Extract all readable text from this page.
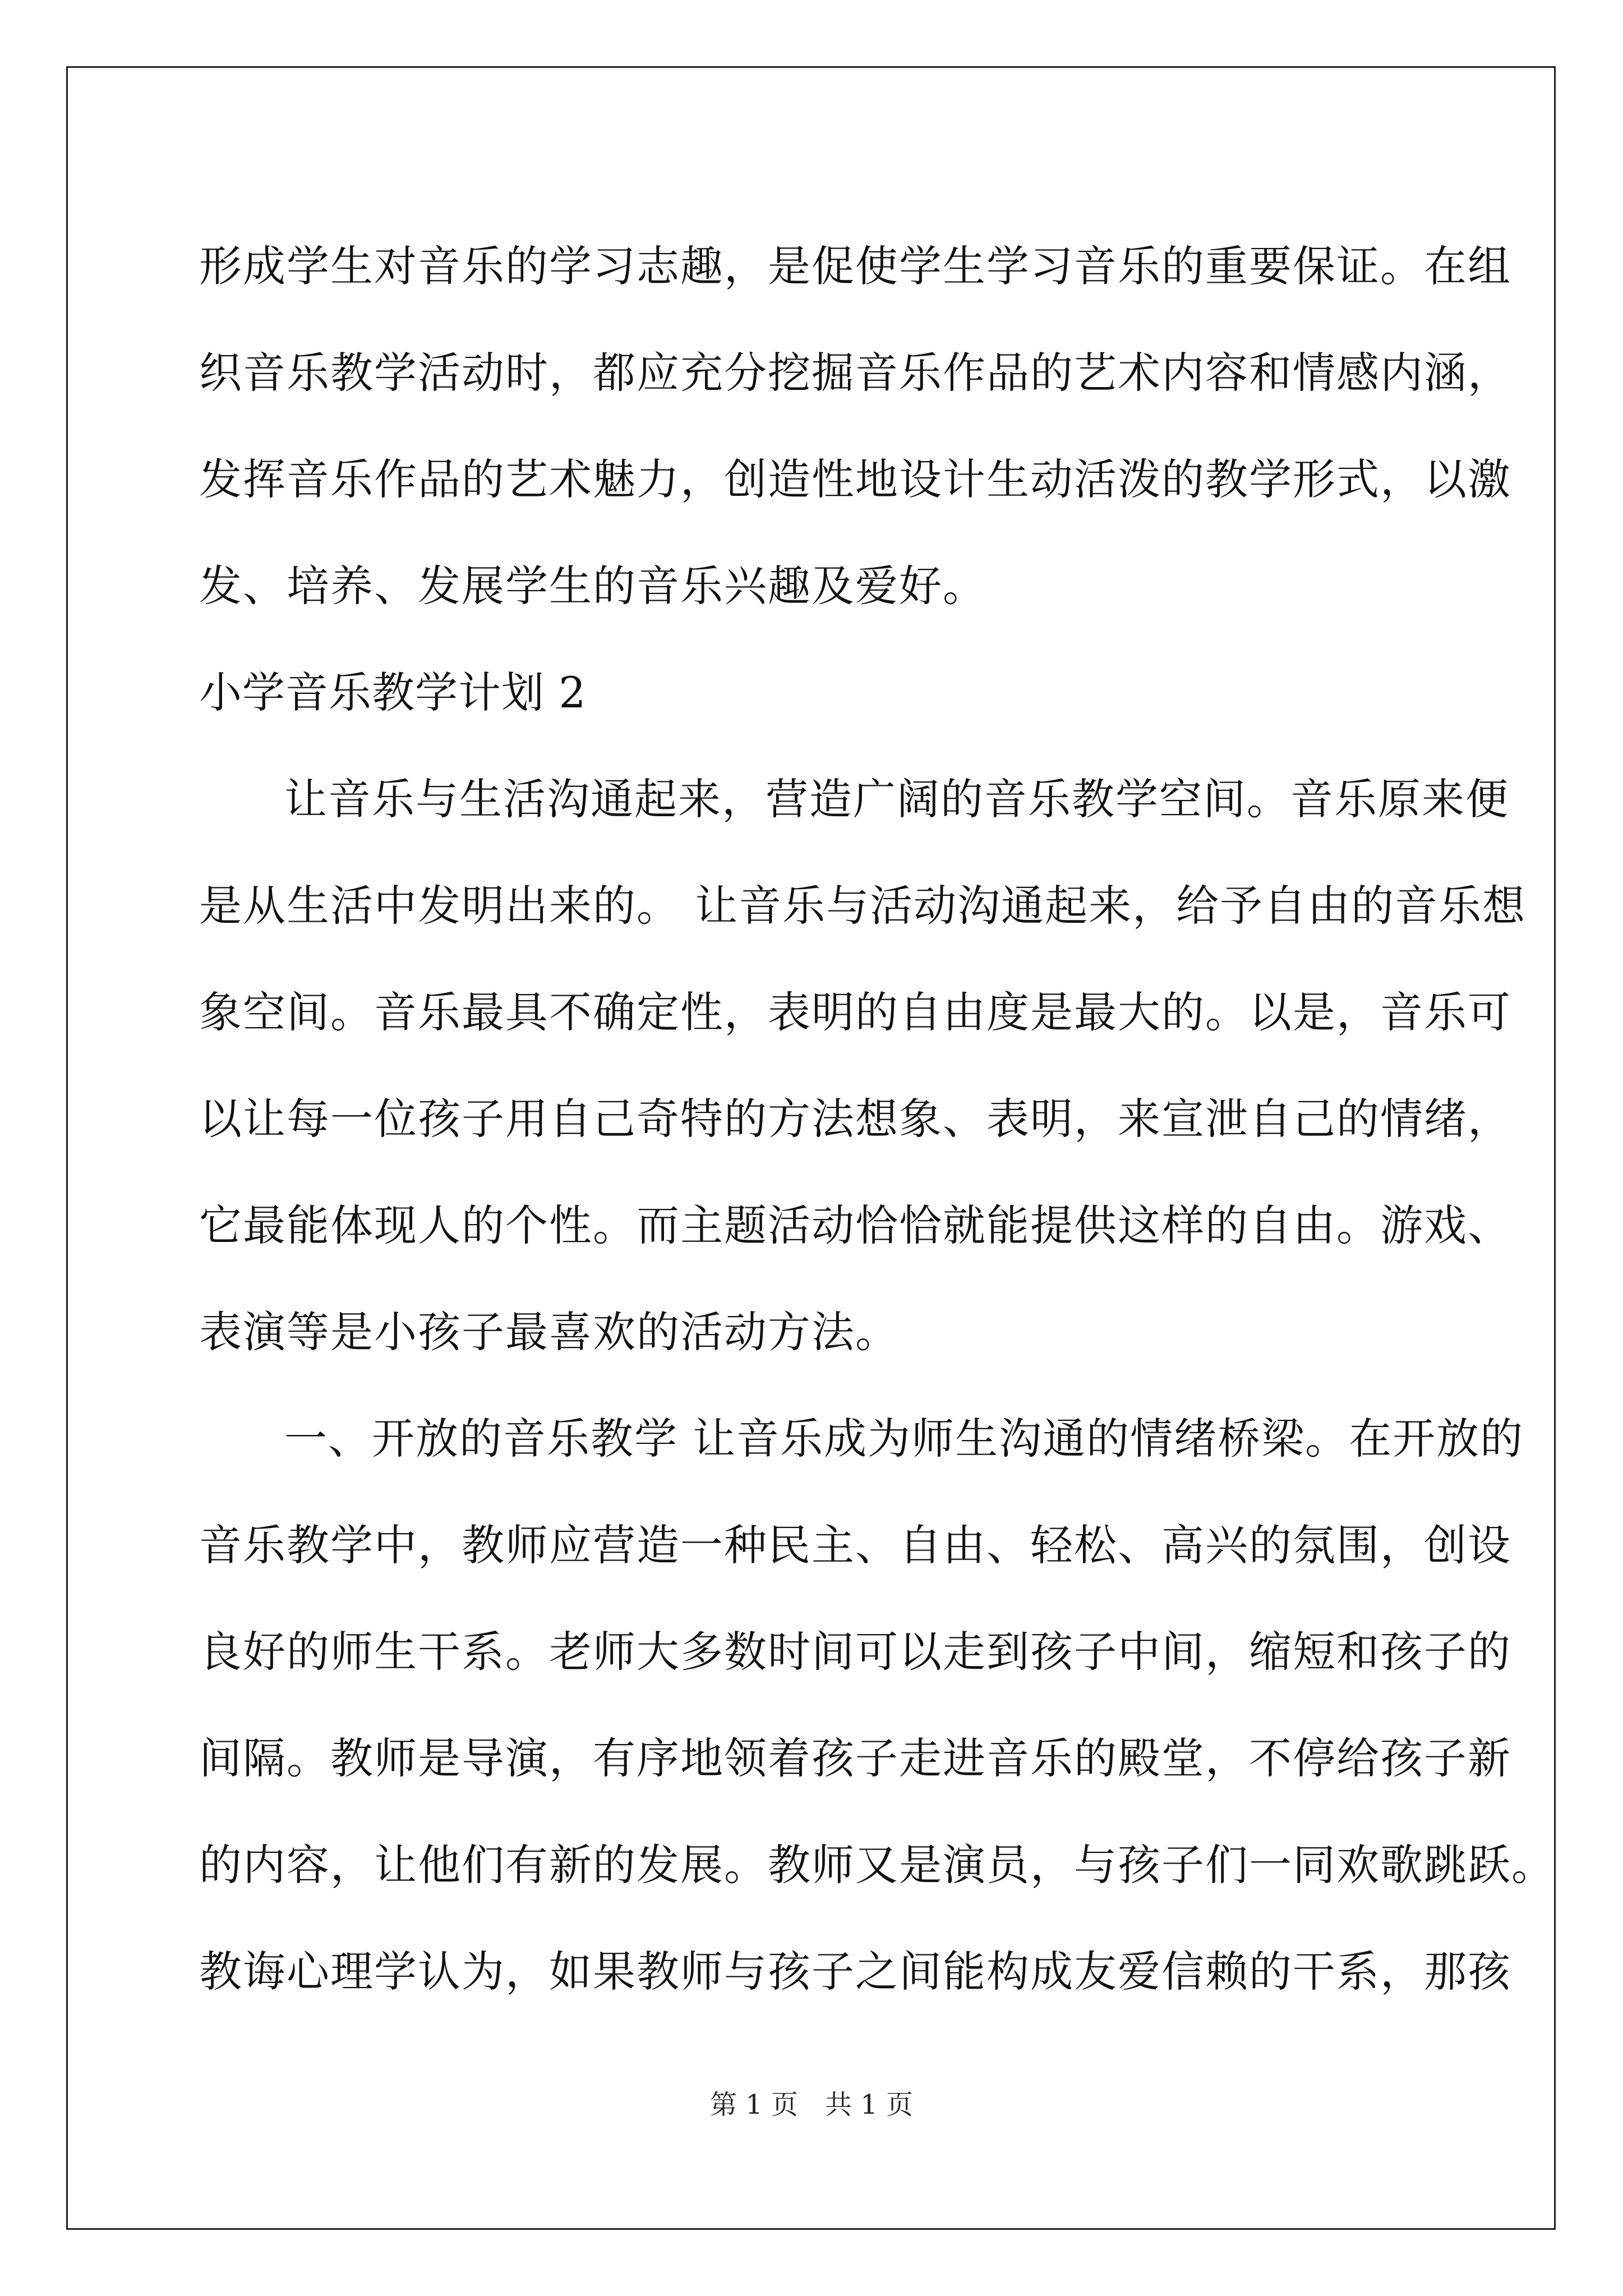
形成学生对音乐的学习志趣，是促使学生学习音乐的重要保证。在组
织音乐教学活动时，都应充分挖掘音乐作品的艺术内容和情感内涵，
发挥音乐作品的艺术魅力，创造性地设计生动活泼的教学形式，以激
发、培养、发展学生的音乐兴趣及爱好。
小学音乐教学计划 2
让音乐与生活沟通起来，营造广阔的音乐教学空间。音乐原来便
是从生活中发明出来的。 让音乐与活动沟通起来，给予自由的音乐想
象空间。音乐最具不确定性，表明的自由度是最大的。以是，音乐可
以让每一位孩子用自己奇特的方法想象、表明，来宣泄自己的情绪，
它最能体现人的个性。而主题活动恰恰就能提供这样的自由。游戏、
表演等是小孩子最喜欢的活动方法。
一、开放的音乐教学 让音乐成为师生沟通的情绪桥梁。在开放的
音乐教学中，教师应营造一种民主、自由、轻松、高兴的氛围，创设
良好的师生干系。老师大多数时间可以走到孩子中间，缩短和孩子的
间隔。教师是导演，有序地领着孩子走进音乐的殿堂，不停给孩子新
的内容，让他们有新的发展。教师又是演员，与孩子们一同欢歌跳跃。
教诲心理学认为，如果教师与孩子之间能构成友爱信赖的干系，那孩
第 1 页　共 1 页
